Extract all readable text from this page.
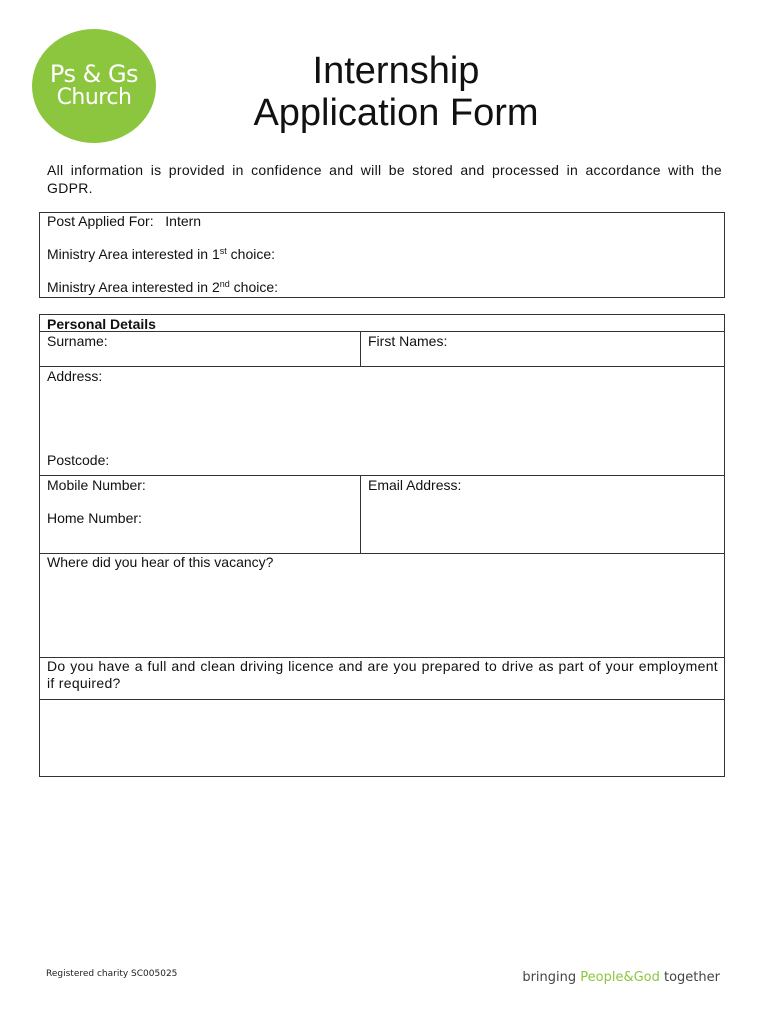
Ps & Gs
Church
Internship
Application Form
All information is provided in confidence and will be stored and processed in accordance with the GDPR.
Post Applied For: Intern
Ministry Area interested in 1st choice:
Ministry Area interested in 2nd choice:
Personal Details
Surname:	First Names:
Address:
Postcode:
Mobile Number:
Home Number:
Email Address:
Where did you hear of this vacancy?
Do you have a full and clean driving licence and are you prepared to drive as part of your employment if required?
Registered charity SC005025	bringing People&God together
